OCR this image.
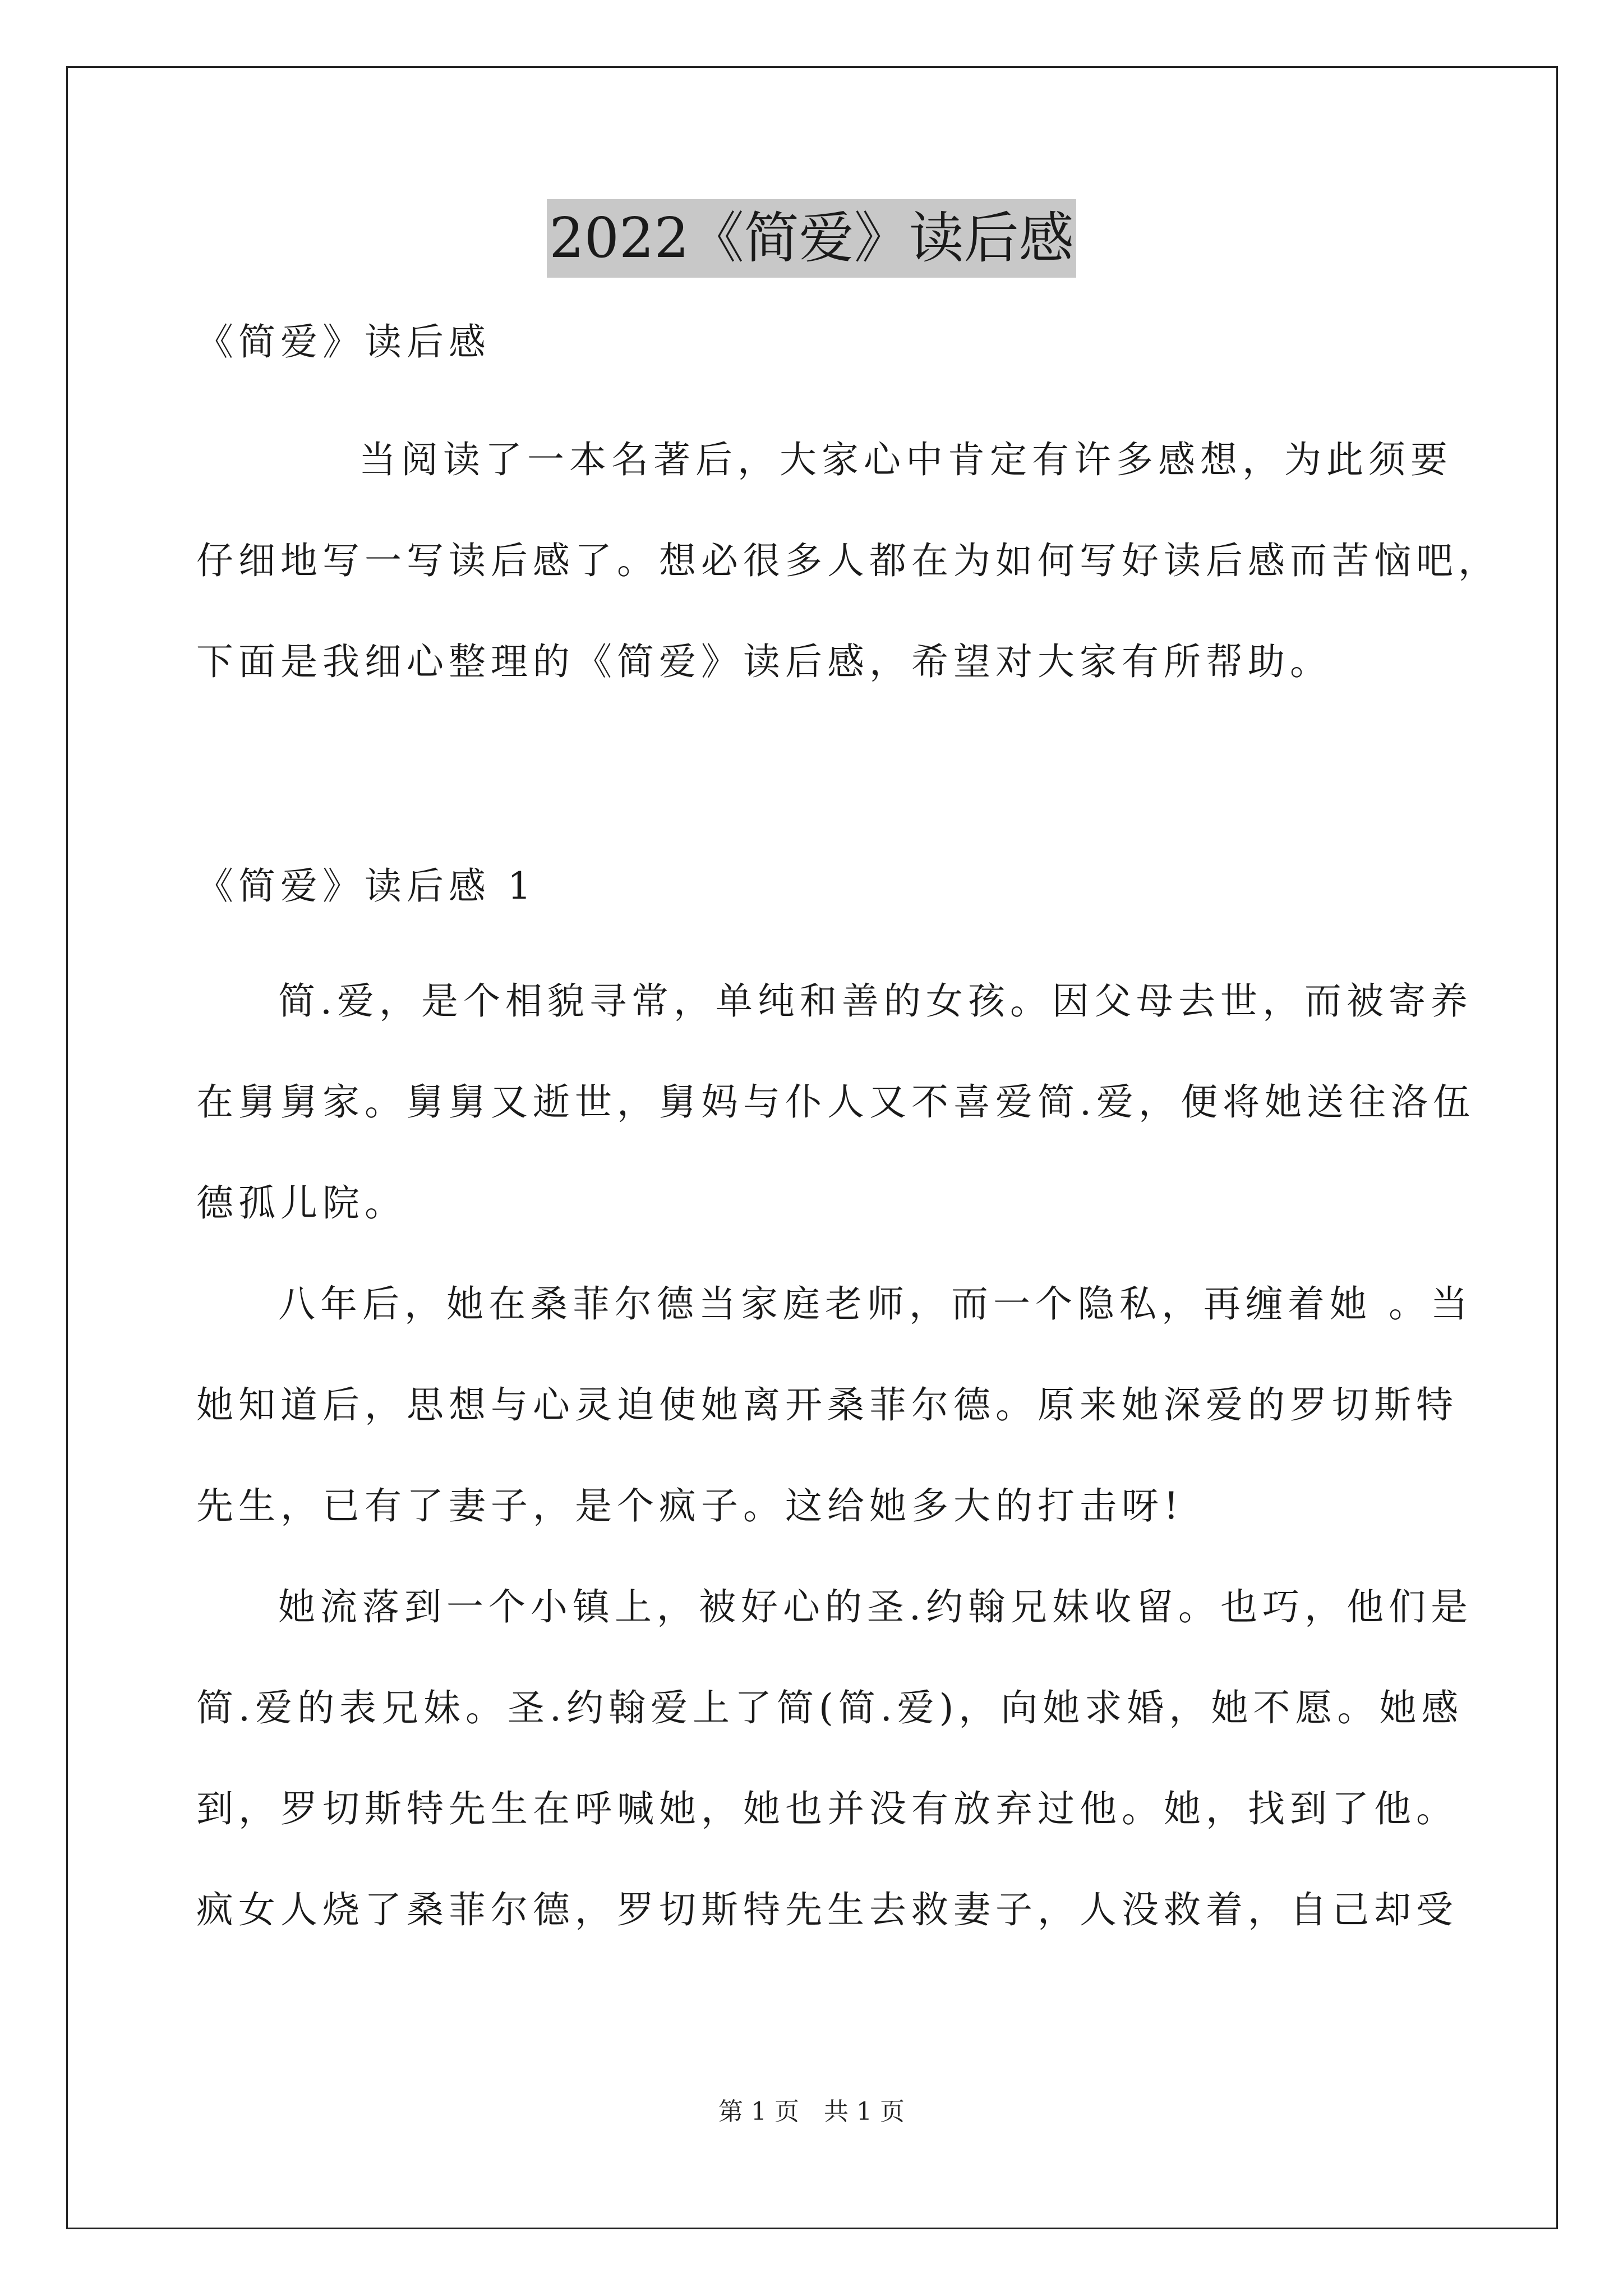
2022《简爱》读后感
《简爱》读后感
当阅读了一本名著后，大家心中肯定有许多感想，为此须要
仔细地写一写读后感了。想必很多人都在为如何写好读后感而苦恼吧，
下面是我细心整理的《简爱》读后感，希望对大家有所帮助。
《简爱》读后感 1
简.爱，是个相貌寻常，单纯和善的女孩。因父母去世，而被寄养
在舅舅家。舅舅又逝世，舅妈与仆人又不喜爱简.爱，便将她送往洛伍
德孤儿院。
八年后，她在桑菲尔德当家庭老师，而一个隐私，再缠着她 。当
她知道后，思想与心灵迫使她离开桑菲尔德。原来她深爱的罗切斯特
先生，已有了妻子，是个疯子。这给她多大的打击呀!
她流落到一个小镇上，被好心的圣.约翰兄妹收留。也巧，他们是
简.爱的表兄妹。圣.约翰爱上了简(简.爱)，向她求婚，她不愿。她感
到，罗切斯特先生在呼喊她，她也并没有放弃过他。她，找到了他。
疯女人烧了桑菲尔德，罗切斯特先生去救妻子，人没救着，自己却受
第 1 页　共 1 页
